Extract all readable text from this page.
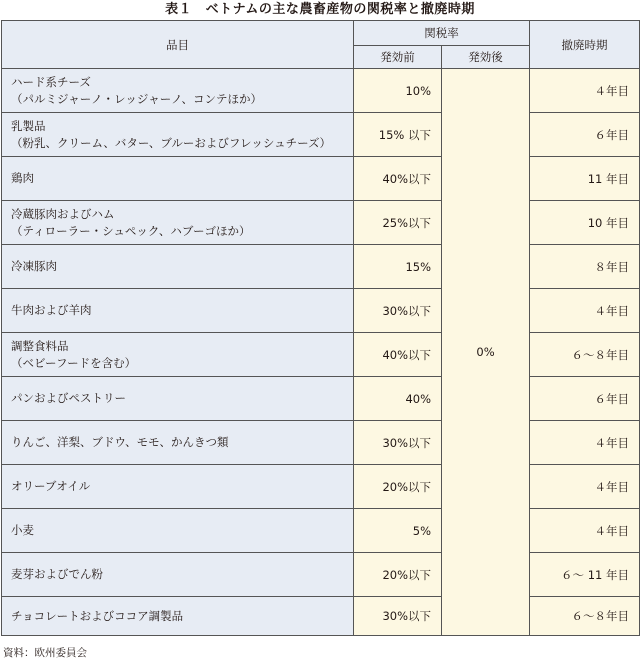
表１　ベトナムの主な農畜産物の関税率と撤廃時期
品目	関税率		撤廃時期
	発効前	発効後	

ハード系チーズ
（パルミジャーノ・レッジャーノ、コンテほか）	10%	0%	４年目

乳製品
（粉乳、クリーム、バター、ブルーおよびフレッシュチーズ）	15% 以下		６年目

鶏肉	40%以下		11 年目

冷蔵豚肉およびハム
（ティローラー・シュペック、ハブーゴほか）	25%以下		10 年目

冷凍豚肉	15%		８年目

牛肉および羊肉	30%以下		４年目

調整食料品
（ベビーフードを含む）	40%以下		６～８年目

パンおよびペストリー	40%		６年目

りんご、洋梨、ブドウ、モモ、かんきつ類	30%以下		４年目

オリーブオイル	20%以下		４年目

小麦	5%		４年目

麦芽およびでん粉	20%以下		６～ 11 年目

チョコレートおよびココア調製品	30%以下		６～８年目
資料：欧州委員会
